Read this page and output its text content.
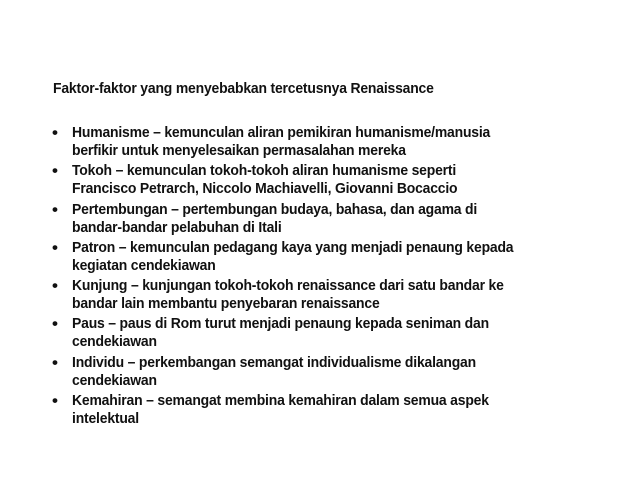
Faktor-faktor yang menyebabkan tercetusnya Renaissance
• Humanisme – kemunculan aliran pemikiran humanisme/manusia
berfikir untuk menyelesaikan permasalahan mereka
• Tokoh – kemunculan tokoh-tokoh aliran humanisme seperti
Francisco Petrarch, Niccolo Machiavelli, Giovanni Bocaccio
• Pertembungan – pertembungan budaya, bahasa, dan agama di
bandar-bandar pelabuhan di Itali
• Patron – kemunculan pedagang kaya yang menjadi penaung kepada
kegiatan cendekiawan
• Kunjung – kunjungan tokoh-tokoh renaissance dari satu bandar ke
bandar lain membantu penyebaran renaissance
• Paus – paus di Rom turut menjadi penaung kepada seniman dan
cendekiawan
• Individu – perkembangan semangat individualisme dikalangan
cendekiawan
• Kemahiran – semangat membina kemahiran dalam semua aspek
intelektual
